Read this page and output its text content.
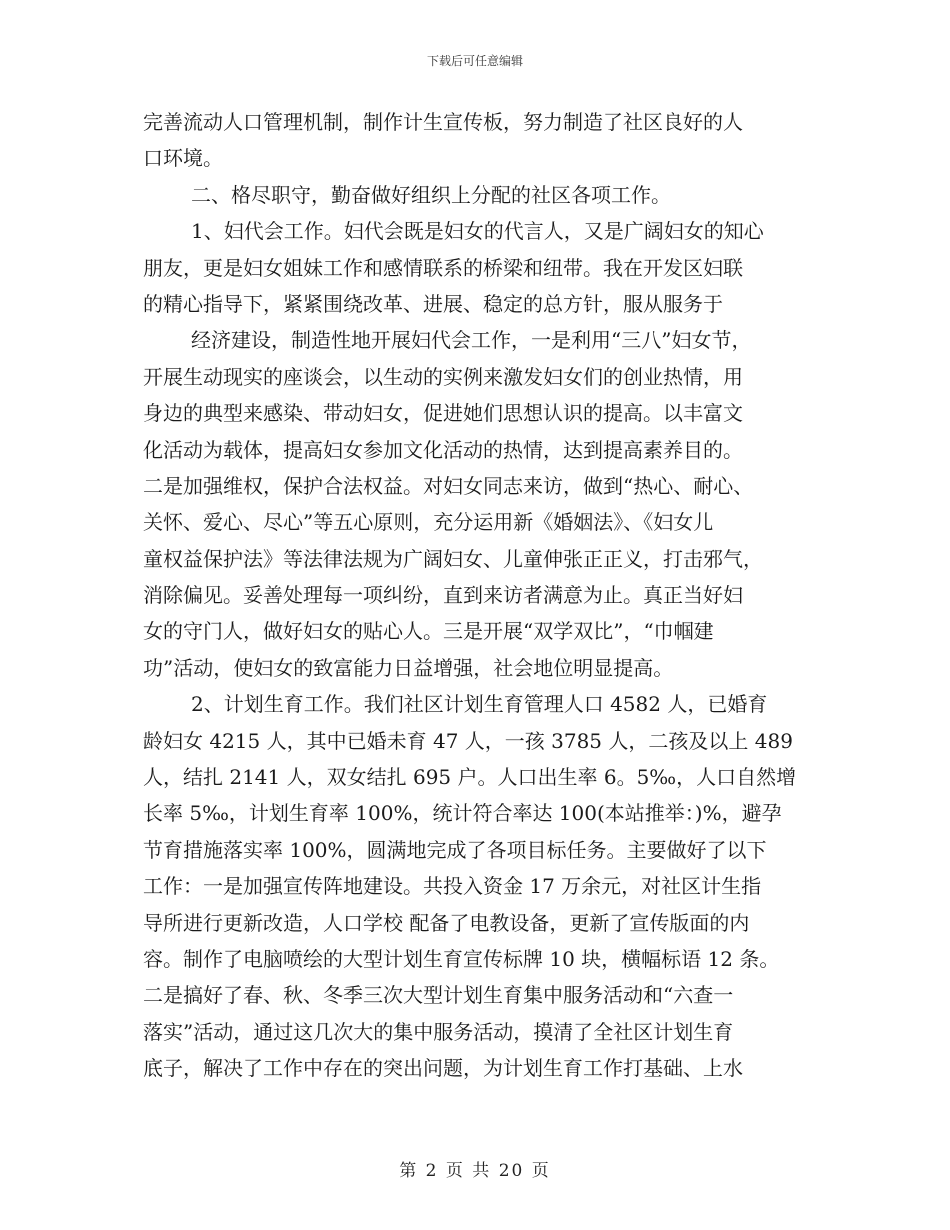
下载后可任意编辑
完善流动人口管理机制，制作计生宣传板，努力制造了社区良好的人
口环境。
二、格尽职守，勤奋做好组织上分配的社区各项工作。
1、妇代会工作。妇代会既是妇女的代言人，又是广阔妇女的知心
朋友，更是妇女姐妹工作和感情联系的桥梁和纽带。我在开发区妇联
的精心指导下，紧紧围绕改革、进展、稳定的总方针，服从服务于
经济建设，制造性地开展妇代会工作，一是利用“三八”妇女节，
开展生动现实的座谈会，以生动的实例来激发妇女们的创业热情，用
身边的典型来感染、带动妇女，促进她们思想认识的提高。以丰富文
化活动为载体，提高妇女参加文化活动的热情，达到提高素养目的。
二是加强维权，保护合法权益。对妇女同志来访，做到“热心、耐心、
关怀、爱心、尽心”等五心原则，充分运用新《婚姻法》、《妇女儿
童权益保护法》等法律法规为广阔妇女、儿童伸张正正义，打击邪气，
消除偏见。妥善处理每一项纠纷，直到来访者满意为止。真正当好妇
女的守门人，做好妇女的贴心人。三是开展“双学双比”，“巾帼建
功”活动，使妇女的致富能力日益增强，社会地位明显提高。
2、计划生育工作。我们社区计划生育管理人口 4582 人，已婚育
龄妇女 4215 人，其中已婚未育 47 人，一孩 3785 人，二孩及以上 489
人，结扎 2141 人，双女结扎 695 户。人口出生率 6。5‰，人口自然增
长率 5‰，计划生育率 100%，统计符合率达 100(本站推举：)%，避孕
节育措施落实率 100%，圆满地完成了各项目标任务。主要做好了以下
工作：一是加强宣传阵地建设。共投入资金 17 万余元，对社区计生指
导所进行更新改造，人口学校 配备了电教设备，更新了宣传版面的内
容。制作了电脑喷绘的大型计划生育宣传标牌 10 块，横幅标语 12 条。
二是搞好了春、秋、冬季三次大型计划生育集中服务活动和“六查一
落实”活动，通过这几次大的集中服务活动，摸清了全社区计划生育
底子，解决了工作中存在的突出问题，为计划生育工作打基础、上水
第 2 页 共 20 页
